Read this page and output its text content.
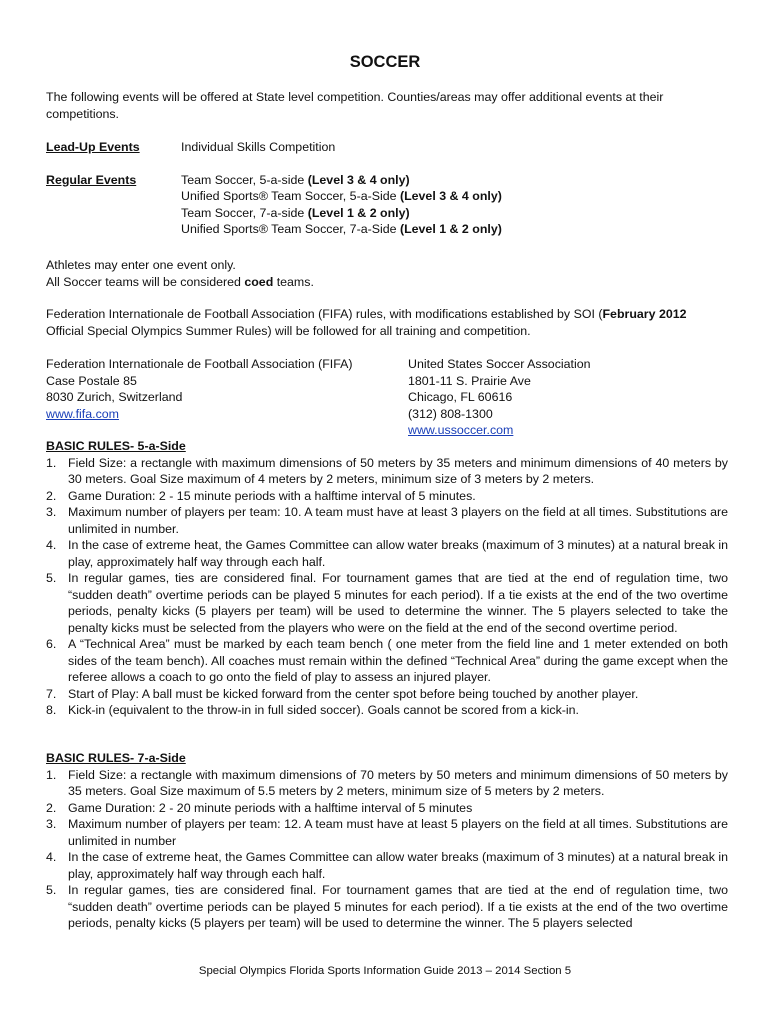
SOCCER
The following events will be offered at State level competition. Counties/areas may offer additional events at their competitions.
Lead-Up Events	Individual Skills Competition
Regular Events	Team Soccer, 5-a-side (Level 3 & 4 only)
Unified Sports® Team Soccer, 5-a-Side (Level 3 & 4 only)
Team Soccer, 7-a-side (Level 1 & 2 only)
Unified Sports® Team Soccer, 7-a-Side (Level 1 & 2 only)
Athletes may enter one event only.
All Soccer teams will be considered coed teams.
Federation Internationale de Football Association (FIFA) rules, with modifications established by SOI (February 2012 Official Special Olympics Summer Rules) will be followed for all training and competition.
Federation Internationale de Football Association (FIFA)
Case Postale 85
8030 Zurich, Switzerland
www.fifa.com
United States Soccer Association
1801-11 S. Prairie Ave
Chicago, FL 60616
(312) 808-1300
www.ussoccer.com
BASIC RULES- 5-a-Side
1. Field Size: a rectangle with maximum dimensions of 50 meters by 35 meters and minimum dimensions of 40 meters by 30 meters. Goal Size maximum of 4 meters by 2 meters, minimum size of 3 meters by 2 meters.
2. Game Duration: 2 - 15 minute periods with a halftime interval of 5 minutes.
3. Maximum number of players per team: 10. A team must have at least 3 players on the field at all times. Substitutions are unlimited in number.
4. In the case of extreme heat, the Games Committee can allow water breaks (maximum of 3 minutes) at a natural break in play, approximately half way through each half.
5. In regular games, ties are considered final. For tournament games that are tied at the end of regulation time, two “sudden death” overtime periods can be played 5 minutes for each period). If a tie exists at the end of the two overtime periods, penalty kicks (5 players per team) will be used to determine the winner. The 5 players selected to take the penalty kicks must be selected from the players who were on the field at the end of the second overtime period.
6. A “Technical Area” must be marked by each team bench ( one meter from the field line and 1 meter extended on both sides of the team bench). All coaches must remain within the defined “Technical Area” during the game except when the referee allows a coach to go onto the field of play to assess an injured player.
7. Start of Play: A ball must be kicked forward from the center spot before being touched by another player.
8. Kick-in (equivalent to the throw-in in full sided soccer). Goals cannot be scored from a kick-in.
BASIC RULES- 7-a-Side
1. Field Size: a rectangle with maximum dimensions of 70 meters by 50 meters and minimum dimensions of 50 meters by 35 meters. Goal Size maximum of 5.5 meters by 2 meters, minimum size of 5 meters by 2 meters.
2. Game Duration: 2 - 20 minute periods with a halftime interval of 5 minutes
3. Maximum number of players per team: 12. A team must have at least 5 players on the field at all times. Substitutions are unlimited in number
4. In the case of extreme heat, the Games Committee can allow water breaks (maximum of 3 minutes) at a natural break in play, approximately half way through each half.
5. In regular games, ties are considered final. For tournament games that are tied at the end of regulation time, two “sudden death” overtime periods can be played 5 minutes for each period). If a tie exists at the end of the two overtime periods, penalty kicks (5 players per team) will be used to determine the winner. The 5 players selected
Special Olympics Florida Sports Information Guide 2013 – 2014 Section 5
